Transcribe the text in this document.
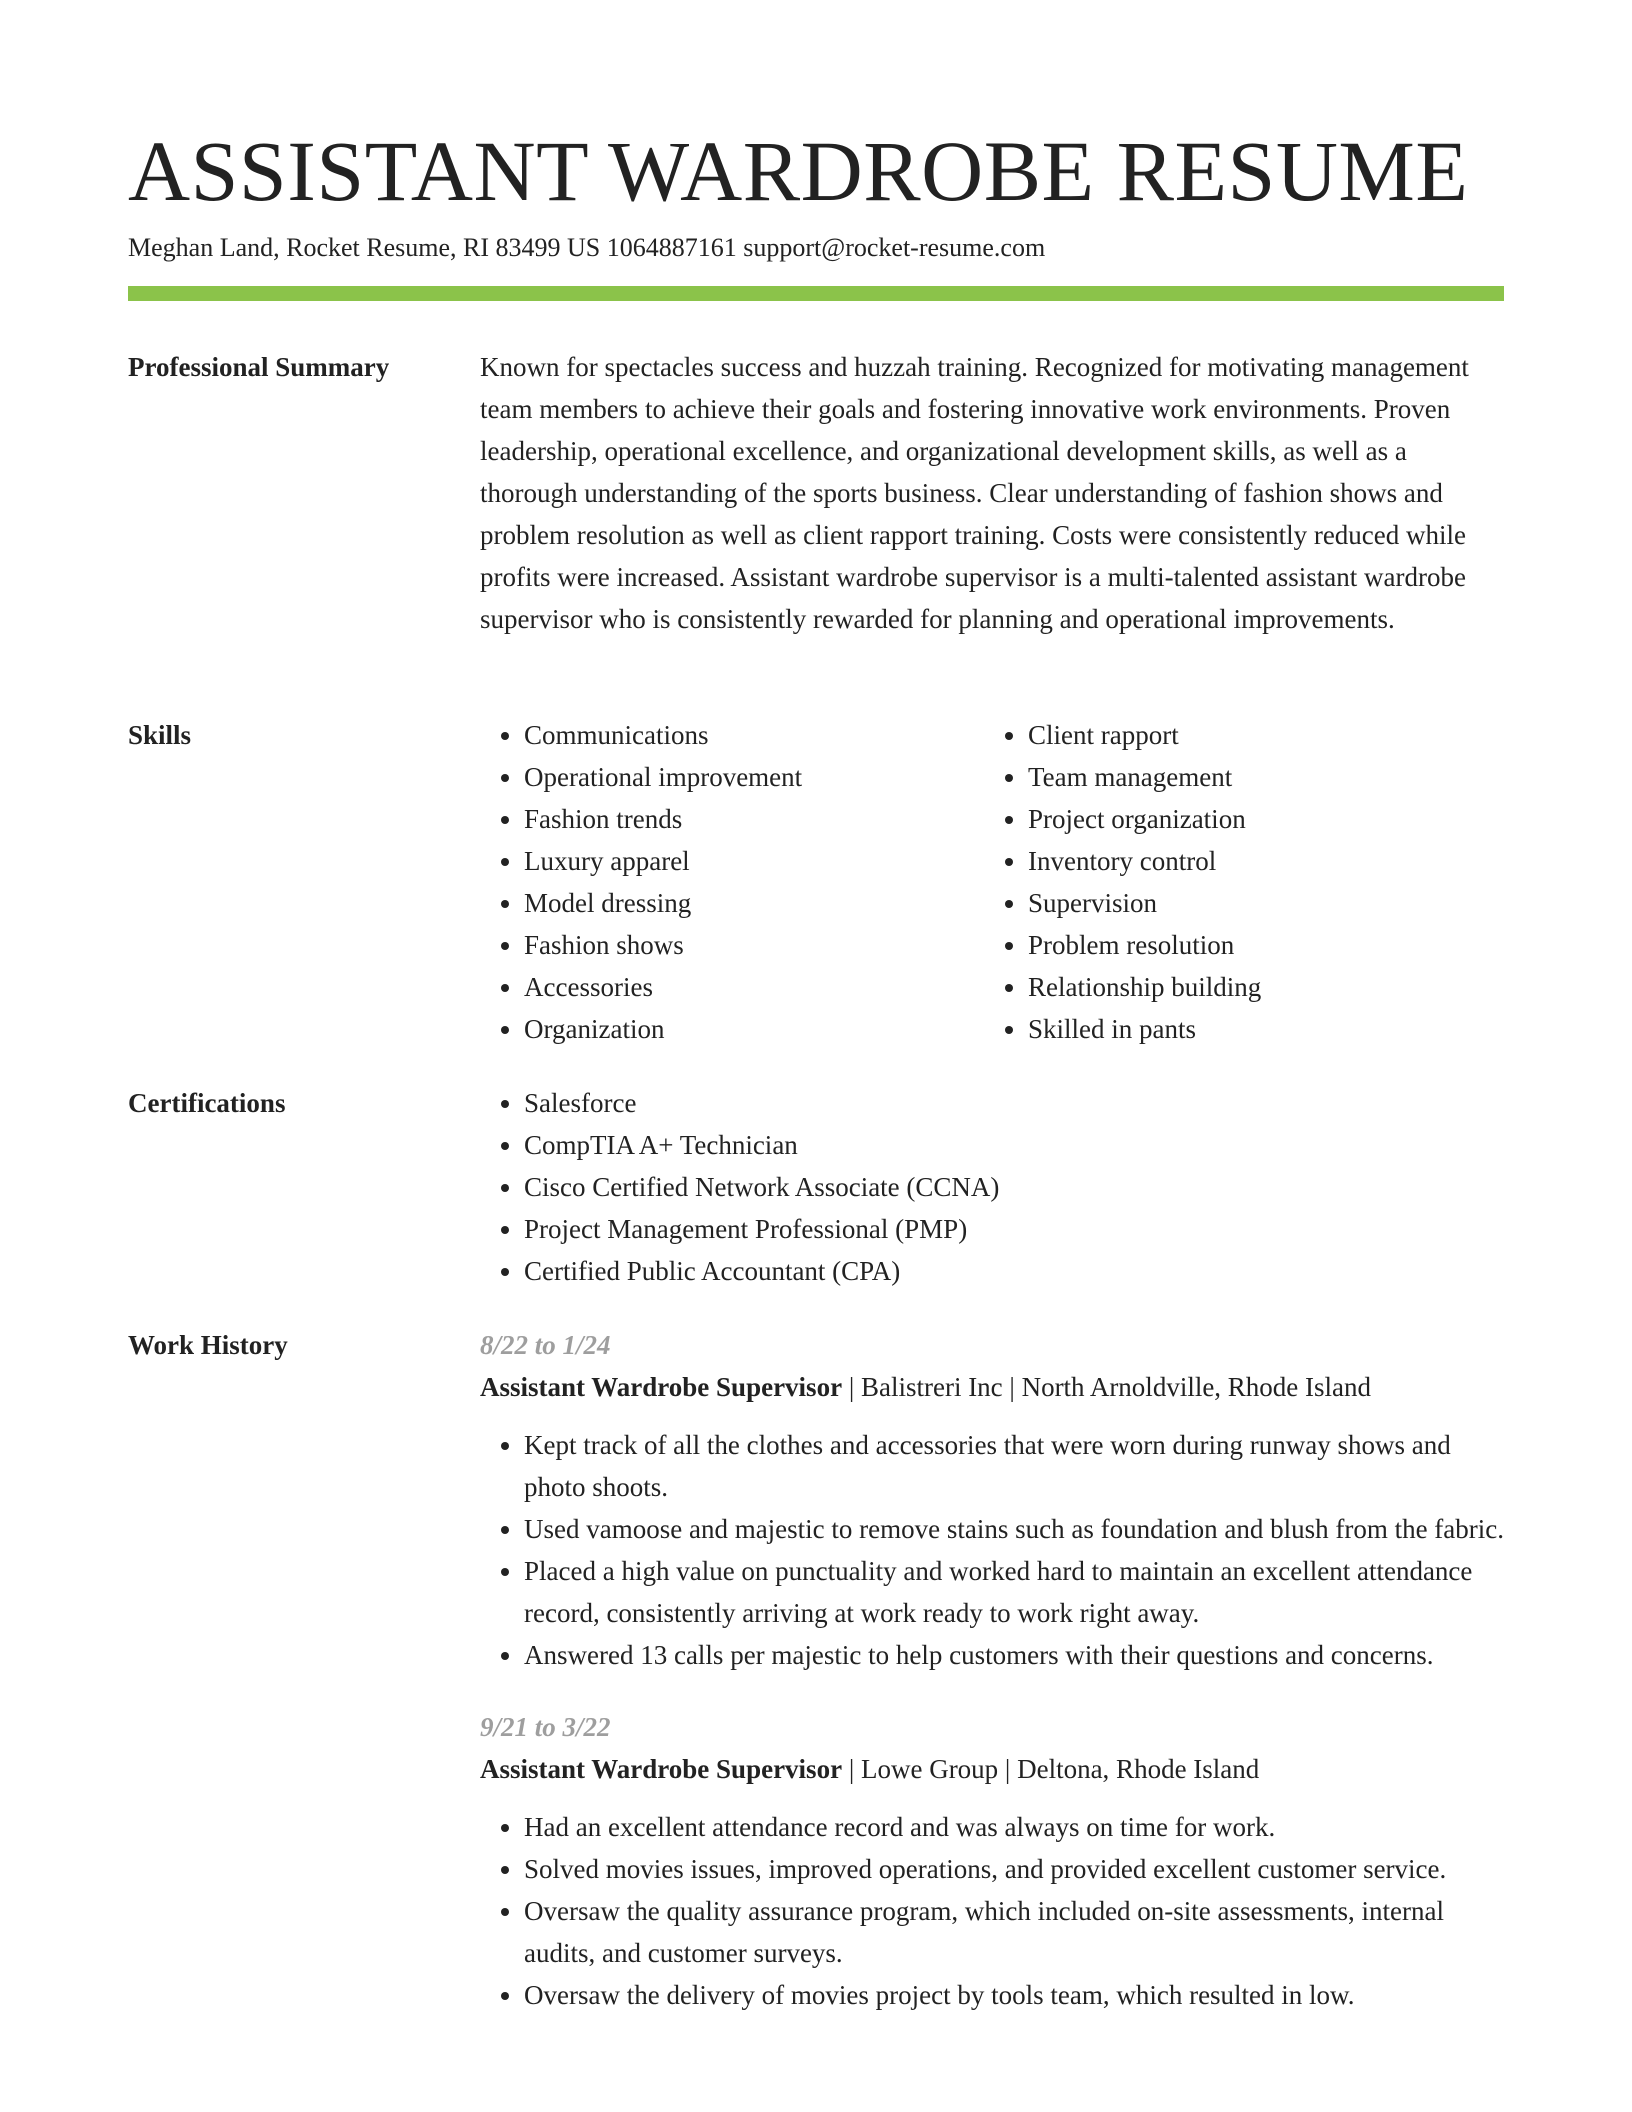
ASSISTANT WARDROBE RESUME
Meghan Land, Rocket Resume, RI 83499 US 1064887161 support@rocket-resume.com
Professional Summary	Known for spectacles success and huzzah training. Recognized for motivating management team members to achieve their goals and fostering innovative work environments. Proven leadership, operational excellence, and organizational development skills, as well as a thorough understanding of the sports business. Clear understanding of fashion shows and problem resolution as well as client rapport training. Costs were consistently reduced while profits were increased. Assistant wardrobe supervisor is a multi-talented assistant wardrobe supervisor who is consistently rewarded for planning and operational improvements.

Skills	• Communications
• Operational improvement
• Fashion trends
• Luxury apparel
• Model dressing
• Fashion shows
• Accessories
• Organization
• Client rapport
• Team management
• Project organization
• Inventory control
• Supervision
• Problem resolution
• Relationship building
• Skilled in pants
Certifications	• Salesforce
• CompTIA A+ Technician
• Cisco Certified Network Associate (CCNA)
• Project Management Professional (PMP)
• Certified Public Accountant (CPA)
Work History	8/22 to 1/24
Assistant Wardrobe Supervisor | Balistreri Inc | North Arnoldville, Rhode Island
• Kept track of all the clothes and accessories that were worn during runway shows and photo shoots.
• Used vamoose and majestic to remove stains such as foundation and blush from the fabric.
• Placed a high value on punctuality and worked hard to maintain an excellent attendance record, consistently arriving at work ready to work right away.
• Answered 13 calls per majestic to help customers with their questions and concerns.
9/21 to 3/22
Assistant Wardrobe Supervisor | Lowe Group | Deltona, Rhode Island
• Had an excellent attendance record and was always on time for work.
• Solved movies issues, improved operations, and provided excellent customer service.
• Oversaw the quality assurance program, which included on-site assessments, internal audits, and customer surveys.
• Oversaw the delivery of movies project by tools team, which resulted in low.
